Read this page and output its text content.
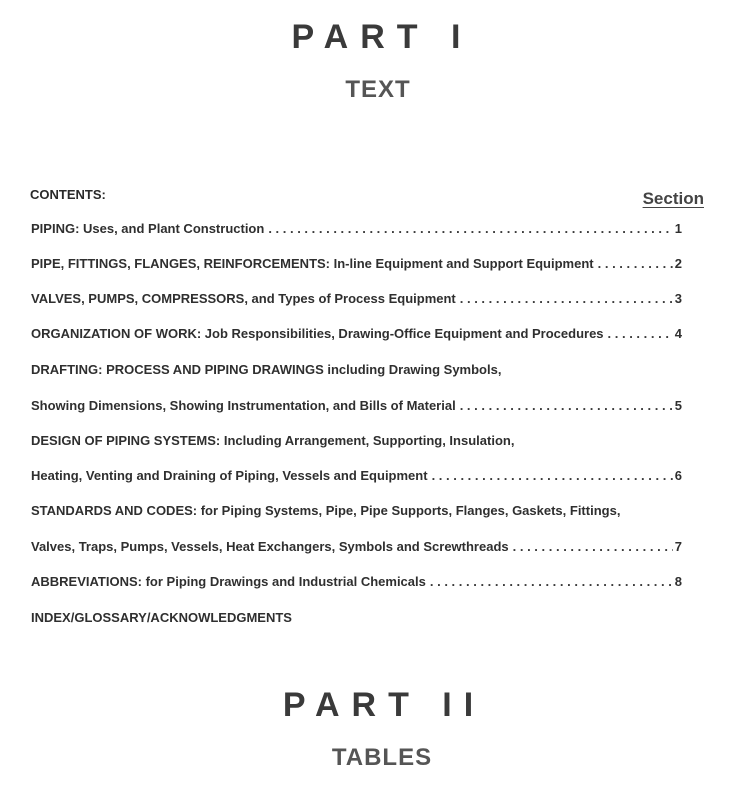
PART I
TEXT
CONTENTS:	Section
PIPING: Uses, and Plant Construction . . .	1
PIPE, FITTINGS, FLANGES, REINFORCEMENTS: In-line Equipment and Support Equipment . . .	2
VALVES, PUMPS, COMPRESSORS, and Types of Process Equipment . . .	3
ORGANIZATION OF WORK: Job Responsibilities, Drawing-Office Equipment and Procedures . . .	4
DRAFTING: PROCESS AND PIPING DRAWINGS including Drawing Symbols,
Showing Dimensions, Showing Instrumentation, and Bills of Material . . .	5
DESIGN OF PIPING SYSTEMS: Including Arrangement, Supporting, Insulation,
Heating, Venting and Draining of Piping, Vessels and Equipment . . .	6
STANDARDS AND CODES: for Piping Systems, Pipe, Pipe Supports, Flanges, Gaskets, Fittings,
Valves, Traps, Pumps, Vessels, Heat Exchangers, Symbols and Screwthreads . . .	7
ABBREVIATIONS: for Piping Drawings and Industrial Chemicals . . .	8
INDEX/GLOSSARY/ACKNOWLEDGMENTS
PART II
TABLES
